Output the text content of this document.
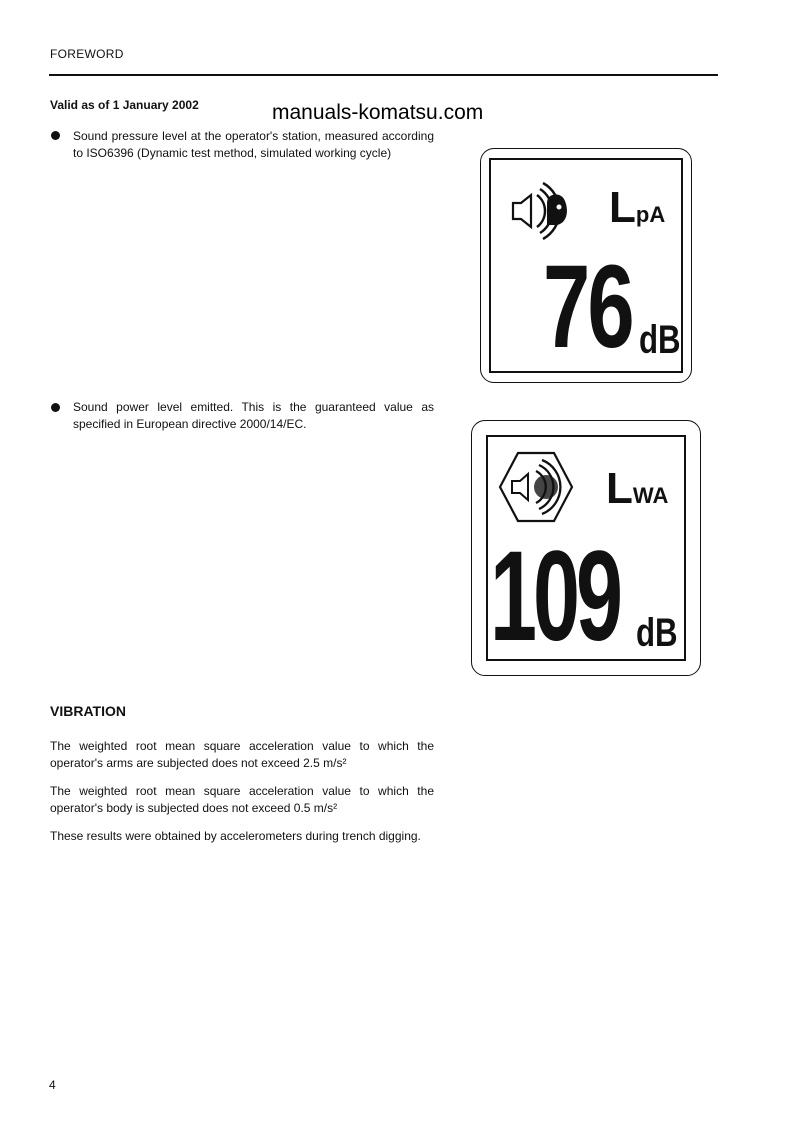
FOREWORD
Valid as of 1 January 2002	manuals-komatsu.com
Sound pressure level at the operator's station, measured according to ISO6396 (Dynamic test method, simulated working cycle)
Sound power level emitted. This is the guaranteed value as specified in European directive 2000/14/EC.
LpA
76 dB
LWA
109 dB
VIBRATION
The weighted root mean square acceleration value to which the operator's arms are subjected does not exceed 2.5 m/s²
The weighted root mean square acceleration value to which the operator's body is subjected does not exceed 0.5 m/s²
These results were obtained by accelerometers during trench digging.
4
